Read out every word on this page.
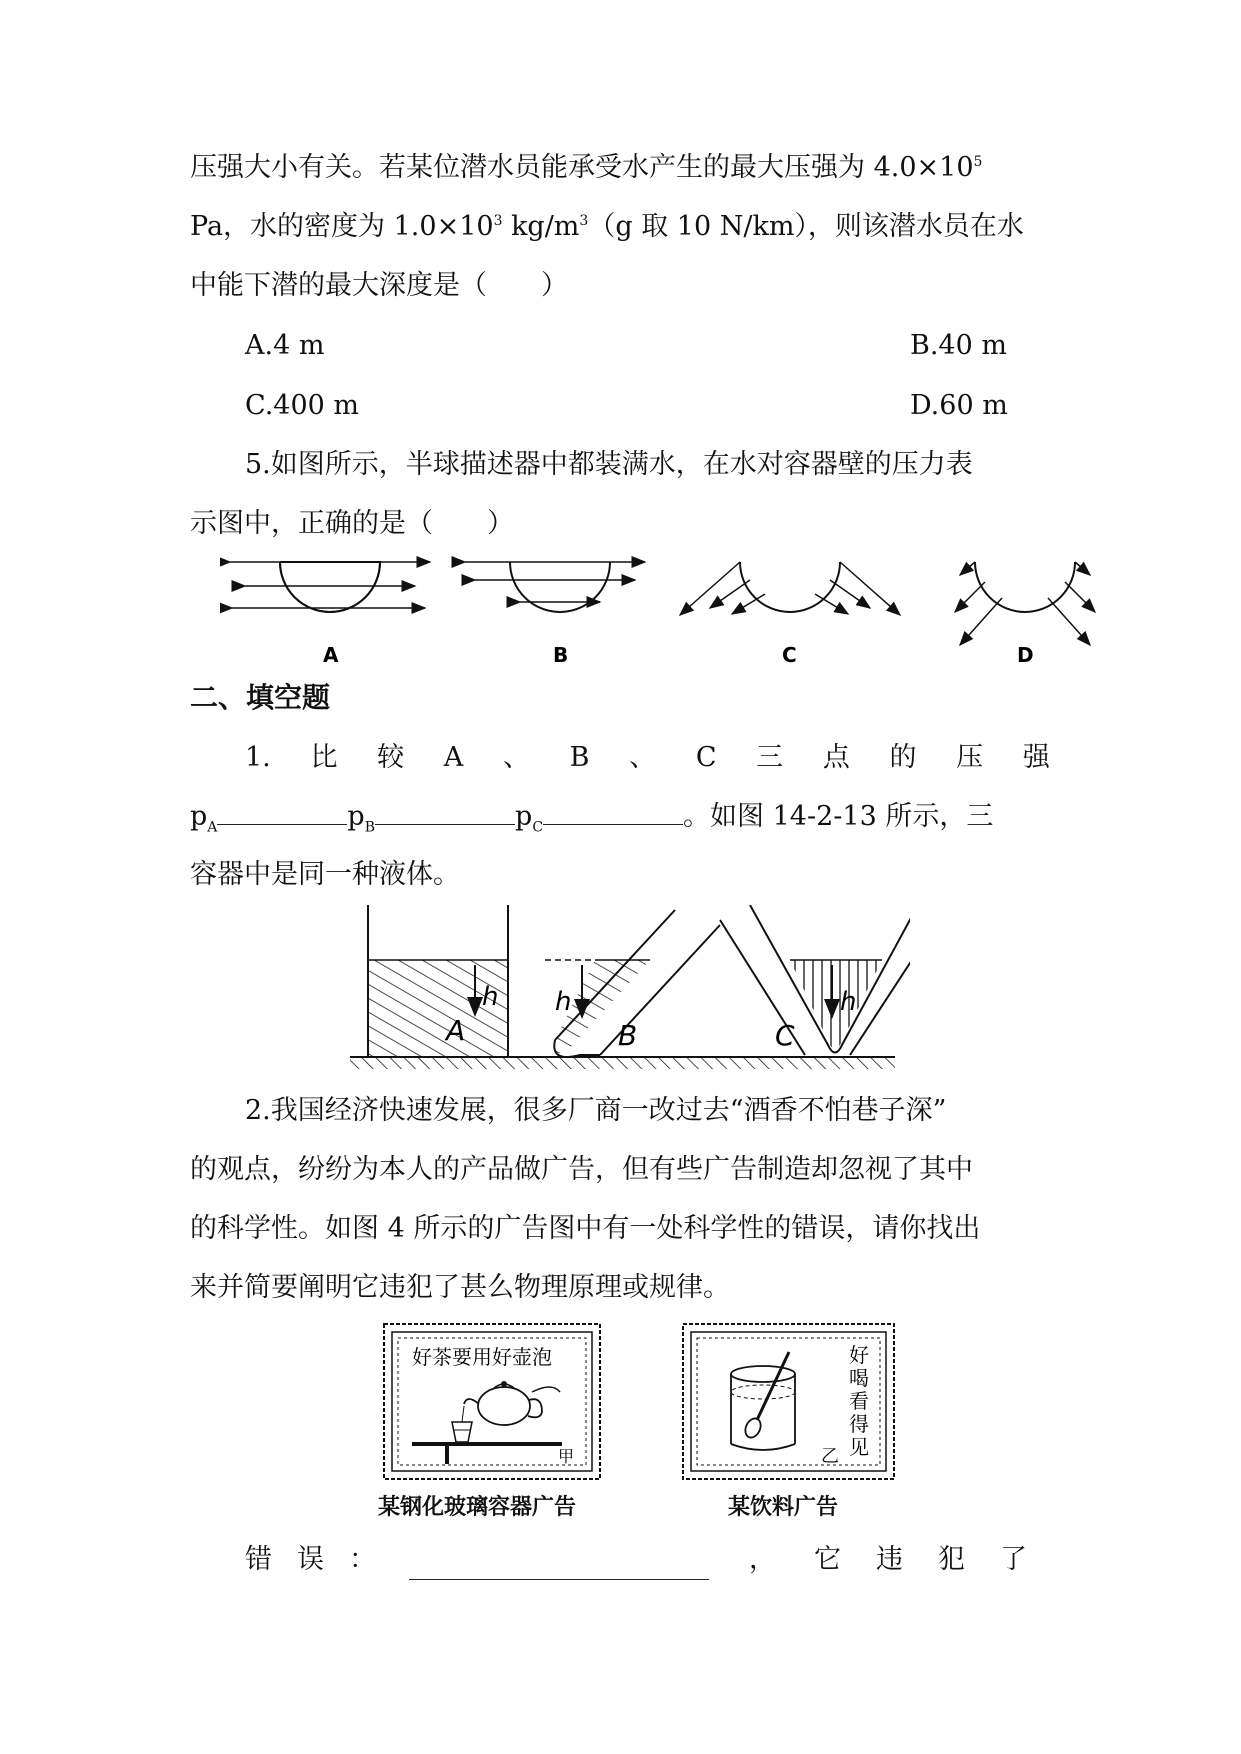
压强大小有关。若某位潜水员能承受水产生的最大压强为 $4.0\times 10^5$
Pa，水的密度为 $1.0\times 10^3$ $kg/m^3(g$ 取 10 N/km），则该潜水员在水
中能下潜的最大深度是（　　）
A.4 m	B.40 m
C.400 m	D.60 m
5.如图所示，半球描述器中都装满水，在水对容器壁的压力表
示图中，正确的是（　　）
A	B	C	D
二、填空题
1. 比 较 A 、 B 、 C 三 点 的 压 强
$p_A$	$p_B$	$p_C$	。如图 14-2-13 所示，三
容器中是同一种液体。
h
A
h
B
h
C
2.我国经济快速发展，很多厂商一改过去“酒香不怕巷子深”
的观点，纷纷为本人的产品做广告，但有些广告制造却忽视了其中
的科学性。如图 4 所示的广告图中有一处科学性的错误，请你找出
来并简要阐明它违犯了甚么物理原理或规律。
好茶要用好壶泡
甲
某钢化玻璃容器广告
好
喝
看
得
见
乙
某饮料广告
错 误 ：	，	它	违	犯	了
